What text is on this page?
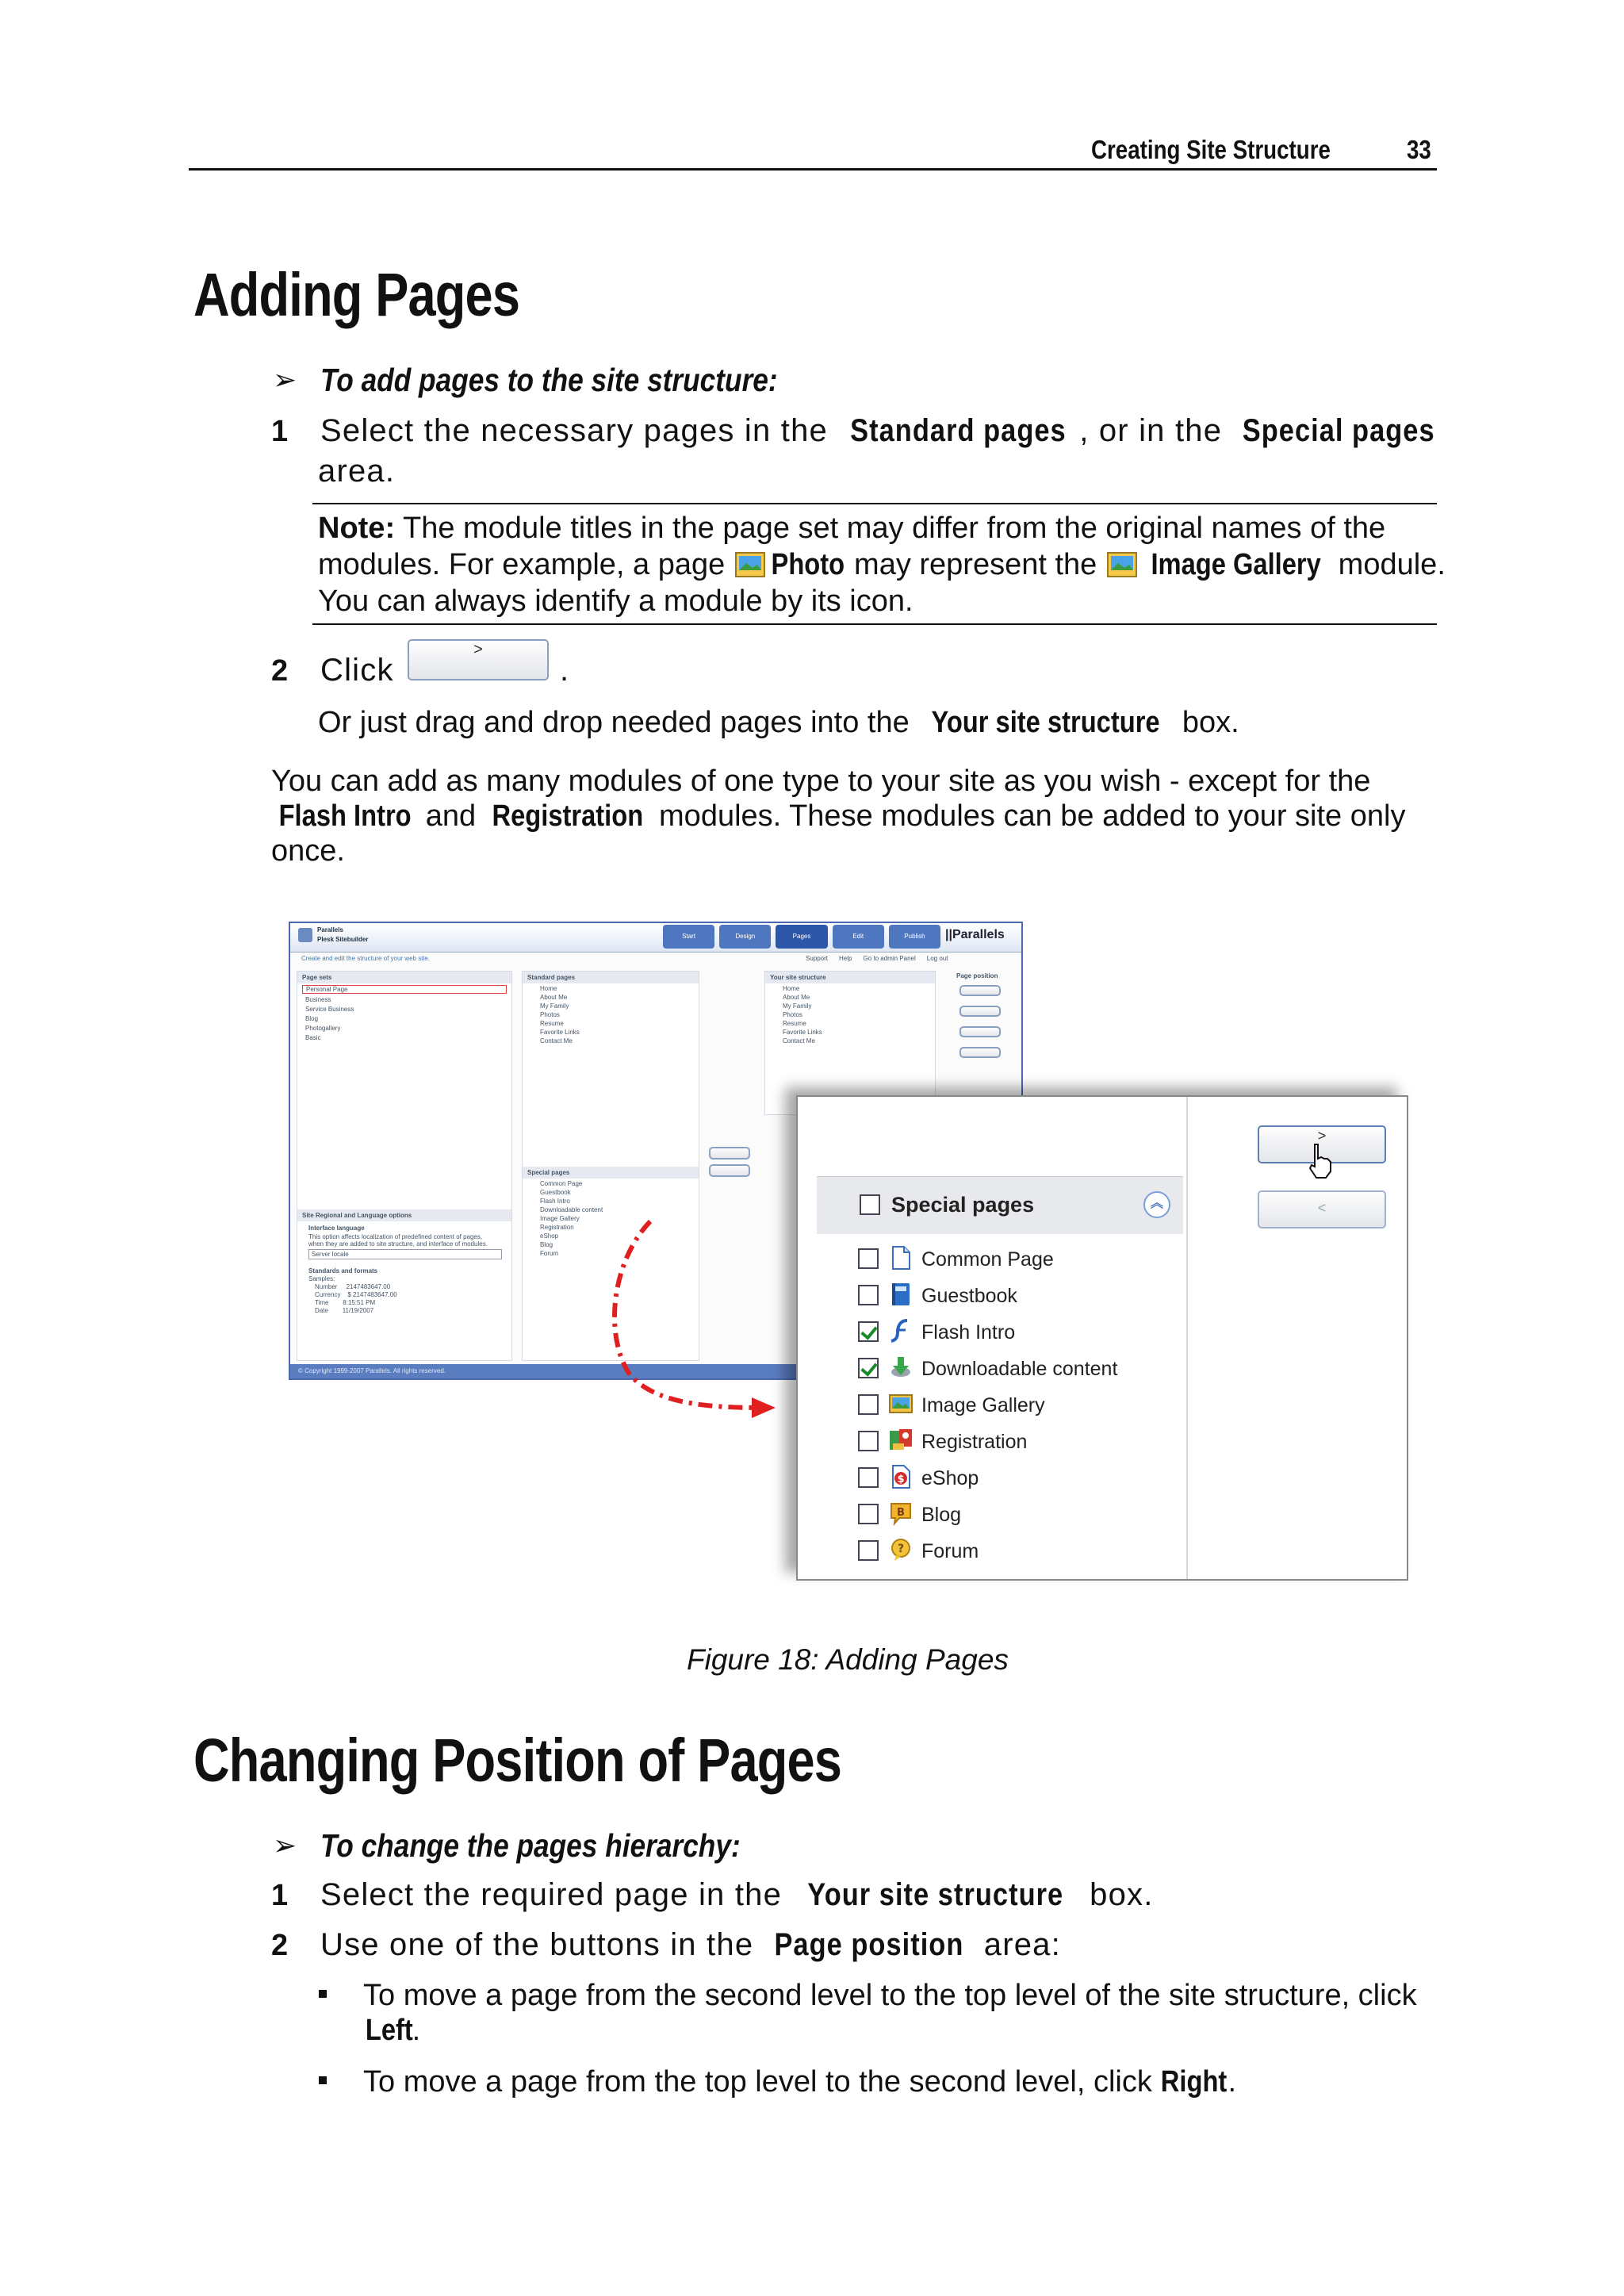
Creating Site Structure	33
Adding Pages
➢ To add pages to the site structure:
1 Select the necessary pages in the Standard pages , or in the Special pages
area.
Note: The module titles in the page set may differ from the original names of the
modules. For example, a page Photo may represent the Image Gallery module.
You can always identify a module by its icon.
2 Click
>
.
Or just drag and drop needed pages into the Your site structure box.
You can add as many modules of one type to your site as you wish - except for the
Flash Intro and Registration modules. These modules can be added to your site only
once.
Parallels
Plesk Sitebuilder	Start	Design	Pages	Edit	Publish	||Parallels
Create and edit the structure of your web site.	Support Help Go to admin Panel Log out
Page sets
Personal Page
Business
Service Business
Blog
Photogallery
Basic
Site Regional and Language options
Interface language
This option affects localization of predefined content of pages, when they are added to site structure, and interface of modules.
Server locale
Standards and formats
Samples:
Number 2147483647.00
Currency $ 2147483647.00
Time 8:15:51 PM
Date 11/19/2007
Standard pages
Home
About Me
My Family
Photos
Resume
Favorite Links
Contact Me
Special pages
Common Page
Guestbook
Flash Intro
Downloadable content
Image Gallery
Registration
eShop
Blog
Forum
Your site structure
Home
About Me
My Family
Photos
Resume
Favorite Links
Contact Me
Page position
© Copyright 1999-2007 Parallels. All rights reserved.
>
<
Special pages	︽
Common Page
Guestbook
Flash Intro
Downloadable content
Image Gallery
Registration
$ eShop
B Blog
? Forum
Figure 18: Adding Pages
Changing Position of Pages
➢ To change the pages hierarchy:
1 Select the required page in the Your site structure box.
2 Use one of the buttons in the Page position area:
To move a page from the second level to the top level of the site structure, click
Left.
To move a page from the top level to the second level, click Right.
